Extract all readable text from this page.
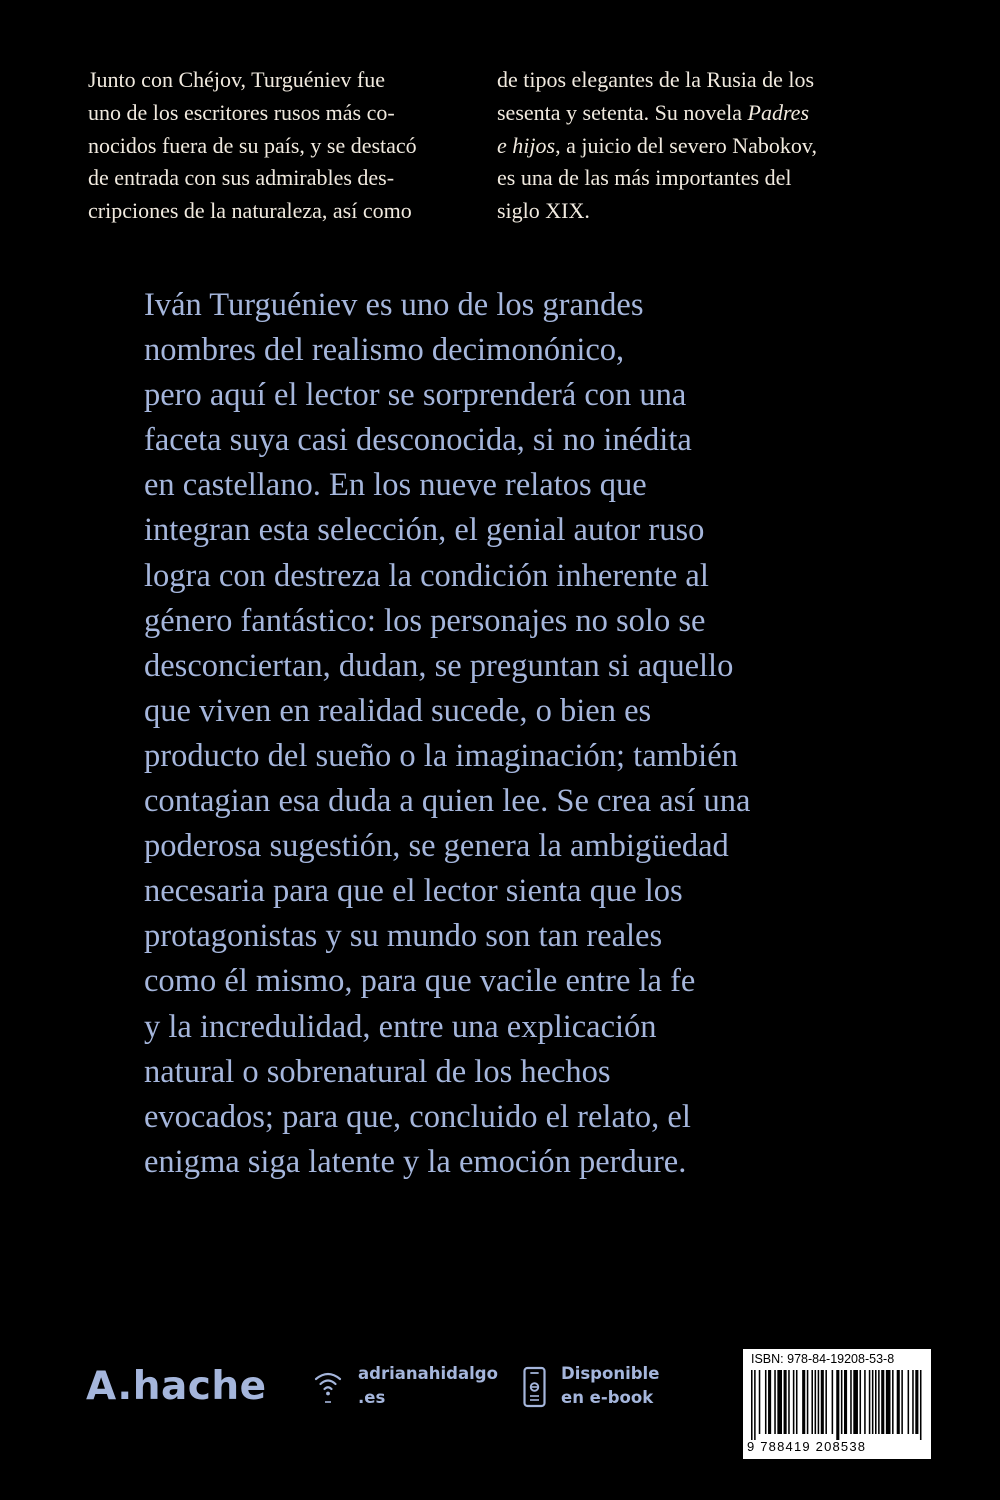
Junto con Chéjov, Turguéniev fue
uno de los escritores rusos más co-
nocidos fuera de su país, y se destacó
de entrada con sus admirables des-
cripciones de la naturaleza, así como
de tipos elegantes de la Rusia de los
sesenta y setenta. Su novela Padres
e hijos, a juicio del severo Nabokov,
es una de las más importantes del
siglo XIX.
Iván Turguéniev es uno de los grandes
nombres del realismo decimonónico,
pero aquí el lector se sorprenderá con una
faceta suya casi desconocida, si no inédita
en castellano. En los nueve relatos que
integran esta selección, el genial autor ruso
logra con destreza la condición inherente al
género fantástico: los personajes no solo se
desconciertan, dudan, se preguntan si aquello
que viven en realidad sucede, o bien es
producto del sueño o la imaginación; también
contagian esa duda a quien lee. Se crea así una
poderosa sugestión, se genera la ambigüedad
necesaria para que el lector sienta que los
protagonistas y su mundo son tan reales
como él mismo, para que vacile entre la fe
y la incredulidad, entre una explicación
natural o sobrenatural de los hechos
evocados; para que, concluido el relato, el
enigma siga latente y la emoción perdure.
A.hache	adrianahidalgo
.es
Disponible
en e-book
ISBN: 978-84-19208-53-8
9 788419 208538
